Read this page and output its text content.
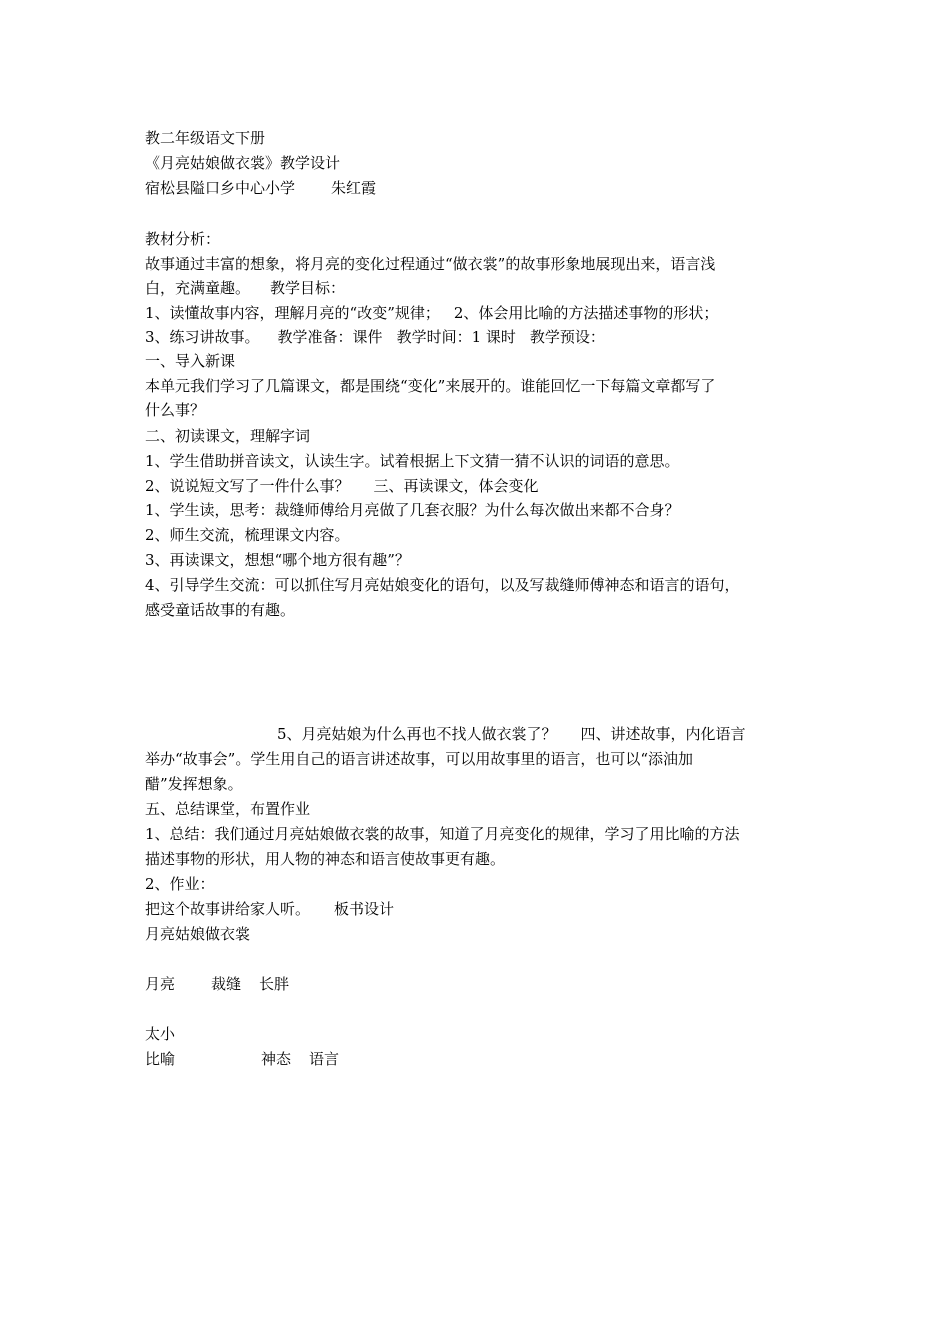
教二年级语文下册
《月亮姑娘做衣裳》教学设计
宿松县隘口乡中心小学 朱红霞
教材分析：
故事通过丰富的想象，将月亮的变化过程通过“做衣裳”的故事形象地展现出来，语言浅
白，充满童趣。 教学目标：
1、读懂故事内容，理解月亮的“改变”规律； 2、体会用比喻的方法描述事物的形状；
3、练习讲故事。 教学准备：课件 教学时间：1 课时 教学预设：
一、导入新课
本单元我们学习了几篇课文，都是围绕“变化”来展开的。谁能回忆一下每篇文章都写了
什么事？
二、初读课文，理解字词
1、学生借助拼音读文，认读生字。试着根据上下文猜一猜不认识的词语的意思。
2、说说短文写了一件什么事？ 三、再读课文，体会变化
1、学生读，思考：裁缝师傅给月亮做了几套衣服？为什么每次做出来都不合身？
2、师生交流，梳理课文内容。
3、再读课文，想想“哪个地方很有趣”？
4、引导学生交流：可以抓住写月亮姑娘变化的语句，以及写裁缝师傅神态和语言的语句，
感受童话故事的有趣。
5、月亮姑娘为什么再也不找人做衣裳了？ 四、讲述故事，内化语言
举办“故事会”。学生用自己的语言讲述故事，可以用故事里的语言，也可以“添油加
醋”发挥想象。
五、总结课堂，布置作业
1、总结：我们通过月亮姑娘做衣裳的故事，知道了月亮变化的规律，学习了用比喻的方法
描述事物的形状，用人物的神态和语言使故事更有趣。
2、作业：
把这个故事讲给家人听。 板书设计
月亮姑娘做衣裳
月亮 裁缝 长胖
太小
比喻	神态 语言
